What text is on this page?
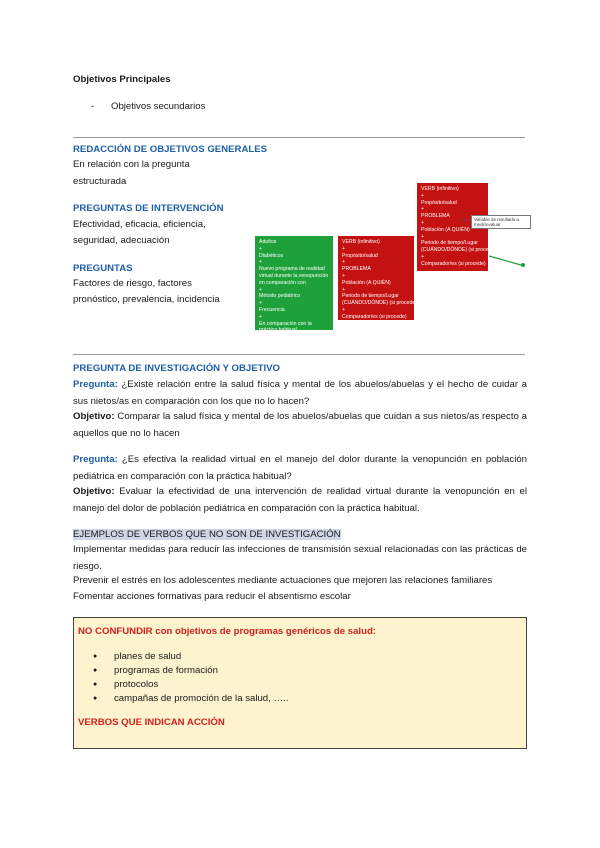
Objetivos Principales
- Objetivos secundarios
REDACCIÓN DE OBJETIVOS GENERALES
En relación con la pregunta
estructurada
PREGUNTAS DE INTERVENCIÓN
Efectividad, eficacia, eficiencia,
seguridad, adecuación
PREGUNTAS
Factores de riesgo, factores
pronóstico, prevalencia, incidencia
Adultos
+
Diabéticos
+
Nuevo programa de realidad
virtual durante la venopunción
en comparación con
+
Método pediátrico
+
Frecuencia
+
En comparación con la
práctica habitual
VERB (infinitivo)
+
Propósito/salud
+
PROBLEMA
+
Población (A QUIÉN)
+
Periodo de tiempo/Lugar
(CUÁNDO/DÓNDE) (si procede)
+
Comparador/es (si procede)
VERB (infinitivo)
+
Propósito/salud
+
PROBLEMA
+
Población (A QUIÉN)
+
Periodo de tiempo/Lugar
(CUÁNDO/DÓNDE) (si procede)
+
Comparador/es (si procede)
Variable de resultado a medir/evaluar
PREGUNTA DE INVESTIGACIÓN Y OBJETIVO
Pregunta: ¿Existe relación entre la salud física y mental de los abuelos/abuelas y el hecho de cuidar a sus nietos/as en comparación con los que no lo hacen?
Objetivo: Comparar la salud física y mental de los abuelos/abuelas que cuidan a sus nietos/as respecto a aquellos que no lo hacen
Pregunta: ¿Es efectiva la realidad virtual en el manejo del dolor durante la venopunción en población pediátrica en comparación con la práctica habitual?
Objetivo: Evaluar la efectividad de una intervención de realidad virtual durante la venopunción en el manejo del dolor de población pediátrica en comparación con la práctica habitual.
EJEMPLOS DE VERBOS QUE NO SON DE INVESTIGACIÓN
Implementar medidas para reducir las infecciones de transmisión sexual relacionadas con las prácticas de riesgo.
Prevenir el estrés en los adolescentes mediante actuaciones que mejoren las relaciones familiares
Fomentar acciones formativas para reducir el absentismo escolar
NO CONFUNDIR con objetivos de programas genéricos de salud:
● planes de salud
● programas de formación
● protocolos
● campañas de promoción de la salud, …..
VERBOS QUE INDICAN ACCIÓN
